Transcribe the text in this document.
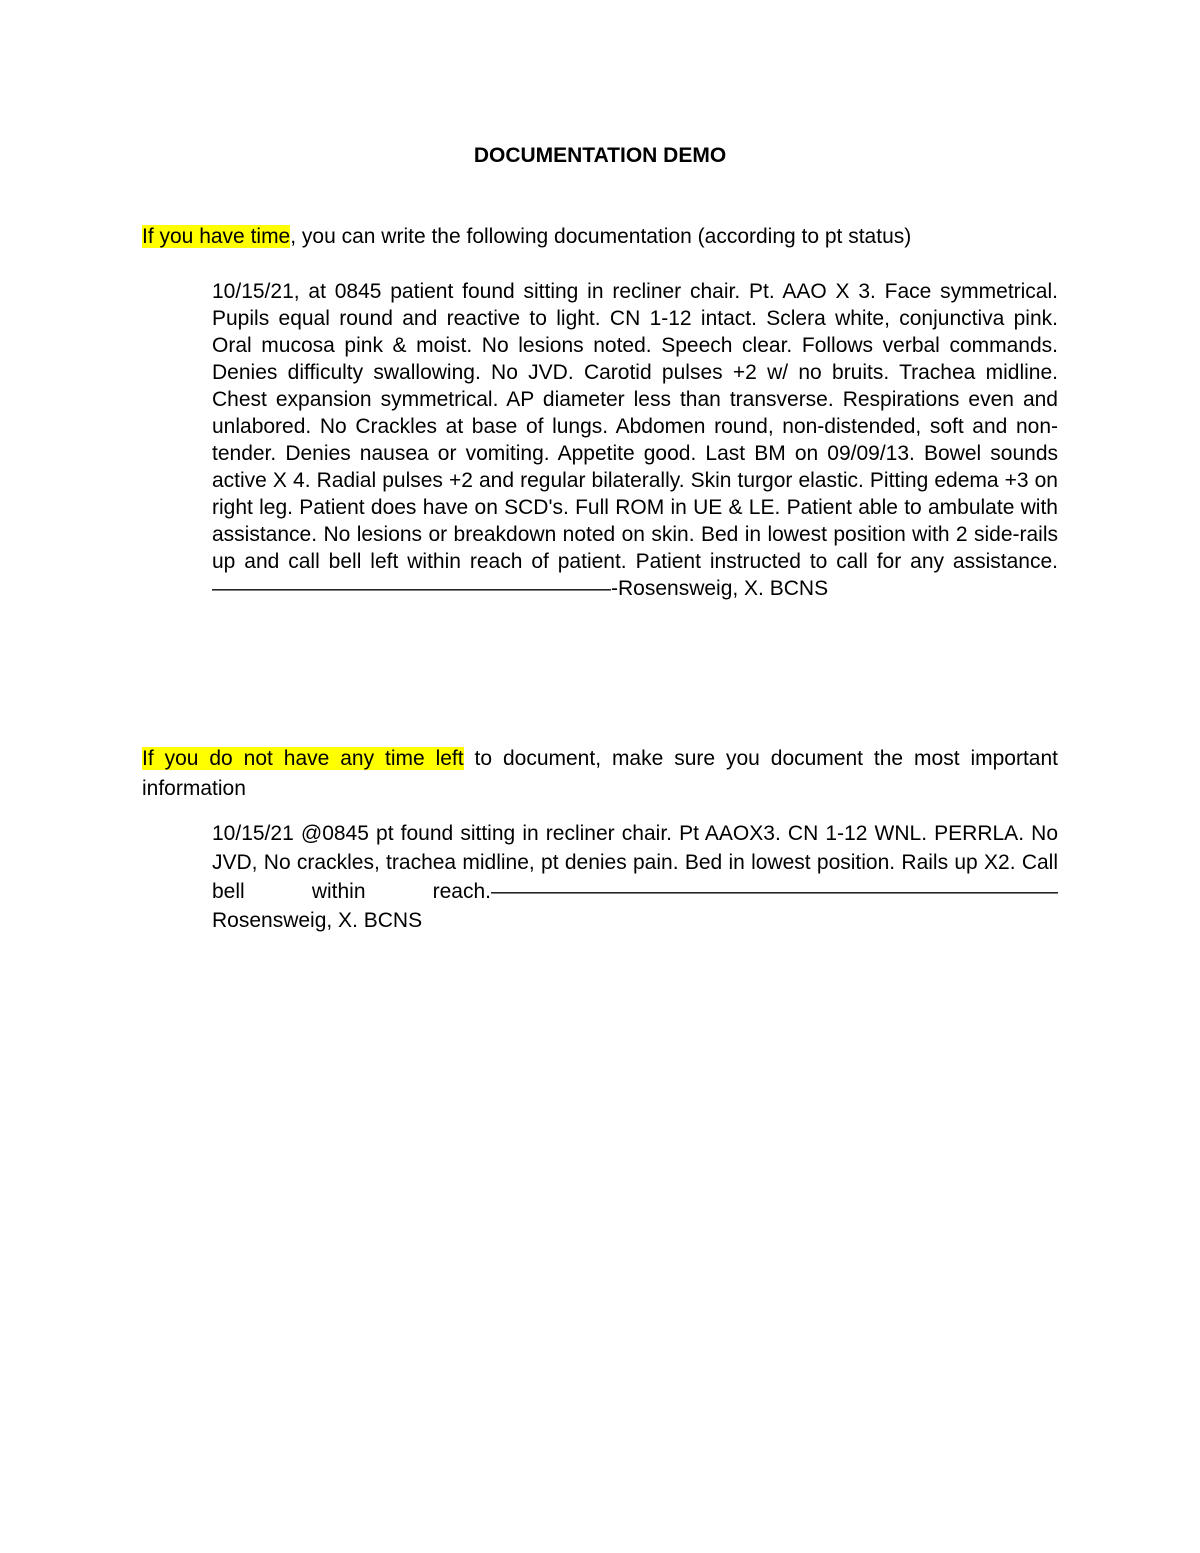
DOCUMENTATION DEMO

If you have time, you can write the following documentation (according to pt status)

10/15/21, at 0845 patient found sitting in recliner chair. Pt. AAO X 3. Face symmetrical. Pupils equal round and reactive to light. CN 1-12 intact. Sclera white, conjunctiva pink. Oral mucosa pink & moist. No lesions noted. Speech clear. Follows verbal commands. Denies difficulty swallowing. No JVD. Carotid pulses +2 w/ no bruits. Trachea midline. Chest expansion symmetrical. AP diameter less than transverse. Respirations even and unlabored. No Crackles at base of lungs. Abdomen round, non-distended, soft and non-tender. Denies nausea or vomiting. Appetite good. Last BM on 09/09/13. Bowel sounds active X 4. Radial pulses +2 and regular bilaterally. Skin turgor elastic. Pitting edema +3 on right leg. Patient does have on SCD's. Full ROM in UE & LE. Patient able to ambulate with assistance. No lesions or breakdown noted on skin. Bed in lowest position with 2 side-rails up and call bell left within reach of patient. Patient instructed to call for any assistance.———————————————————-Rosensweig, X. BCNS

If you do not have any time left to document, make sure you document the most important information

10/15/21 @0845 pt found sitting in recliner chair. Pt AAOX3. CN 1-12 WNL. PERRLA. No JVD, No crackles, trachea midline, pt denies pain. Bed in lowest position. Rails up X2. Call bell within reach.——————————————————————————— Rosensweig, X. BCNS
